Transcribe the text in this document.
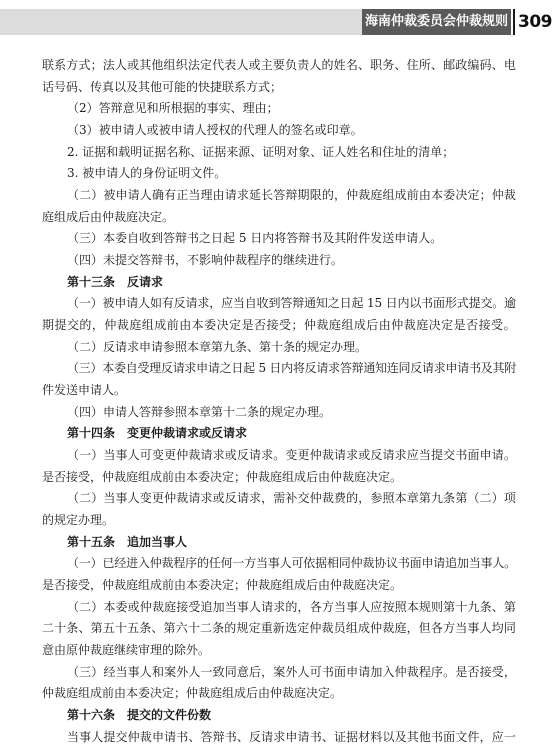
海南仲裁委员会仲裁规则 309
联系方式；法人或其他组织法定代表人或主要负责人的姓名、职务、住所、邮政编码、电
话号码、传真以及其他可能的快捷联系方式；
（2）答辩意见和所根据的事实、理由；
（3）被申请人或被申请人授权的代理人的签名或印章。
2. 证据和载明证据名称、证据来源、证明对象、证人姓名和住址的清单；
3. 被申请人的身份证明文件。
（二）被申请人确有正当理由请求延长答辩期限的，仲裁庭组成前由本委决定；仲裁
庭组成后由仲裁庭决定。
（三）本委自收到答辩书之日起 5 日内将答辩书及其附件发送申请人。
（四）未提交答辩书，不影响仲裁程序的继续进行。
第十三条　反请求
（一）被申请人如有反请求，应当自收到答辩通知之日起 15 日内以书面形式提交。逾
期提交的，仲裁庭组成前由本委决定是否接受；仲裁庭组成后由仲裁庭决定是否接受。
（二）反请求申请参照本章第九条、第十条的规定办理。
（三）本委自受理反请求申请之日起 5 日内将反请求答辩通知连同反请求申请书及其附
件发送申请人。
（四）申请人答辩参照本章第十二条的规定办理。
第十四条　变更仲裁请求或反请求
（一）当事人可变更仲裁请求或反请求。变更仲裁请求或反请求应当提交书面申请。
是否接受，仲裁庭组成前由本委决定；仲裁庭组成后由仲裁庭决定。
（二）当事人变更仲裁请求或反请求，需补交仲裁费的，参照本章第九条第（二）项
的规定办理。
第十五条　追加当事人
（一）已经进入仲裁程序的任何一方当事人可依据相同仲裁协议书面申请追加当事人。
是否接受，仲裁庭组成前由本委决定；仲裁庭组成后由仲裁庭决定。
（二）本委或仲裁庭接受追加当事人请求的，各方当事人应按照本规则第十九条、第
二十条、第五十五条、第六十二条的规定重新选定仲裁员组成仲裁庭，但各方当事人均同
意由原仲裁庭继续审理的除外。
（三）经当事人和案外人一致同意后，案外人可书面申请加入仲裁程序。是否接受，
仲裁庭组成前由本委决定；仲裁庭组成后由仲裁庭决定。
第十六条　提交的文件份数
当事人提交仲裁申请书、答辩书、反请求申请书、证据材料以及其他书面文件，应一
